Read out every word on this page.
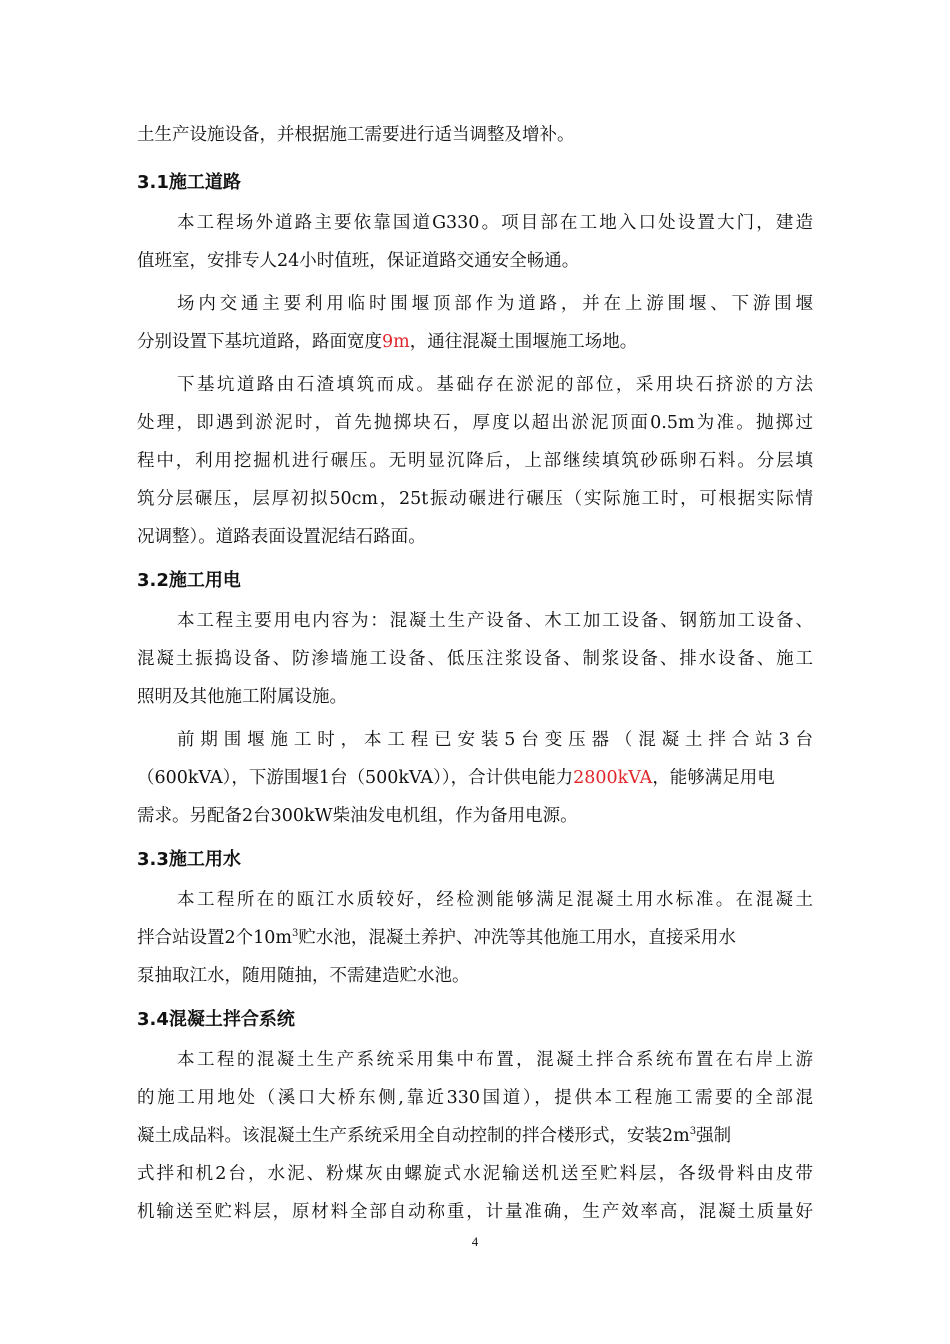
土生产设施设备，并根据施工需要进行适当调整及增补。
3.1施工道路
本工程场外道路主要依靠国道G330。项目部在工地入口处设置大门，建造
值班室，安排专人24小时值班，保证道路交通安全畅通。
场内交通主要利用临时围堰顶部作为道路，并在上游围堰、下游围堰
分别设置下基坑道路，路面宽度9m，通往混凝土围堰施工场地。
下基坑道路由石渣填筑而成。基础存在淤泥的部位，采用块石挤淤的方法
处理，即遇到淤泥时，首先抛掷块石，厚度以超出淤泥顶面0.5m为准。抛掷过
程中，利用挖掘机进行碾压。无明显沉降后，上部继续填筑砂砾卵石料。分层填
筑分层碾压，层厚初拟50cm，25t振动碾进行碾压（实际施工时，可根据实际情
况调整）。道路表面设置泥结石路面。
3.2施工用电
本工程主要用电内容为：混凝土生产设备、木工加工设备、钢筋加工设备、
混凝土振捣设备、防渗墙施工设备、低压注浆设备、制浆设备、排水设备、施工
照明及其他施工附属设施。
前期围堰施工时，本工程已安装5台变压器（混凝土拌合站3台
（600kVA），下游围堰1台（500kVA）），合计供电能力2800kVA，能够满足用电
需求。另配备2台300kW柴油发电机组，作为备用电源。
3.3施工用水
本工程所在的瓯江水质较好，经检测能够满足混凝土用水标准。在混凝土
拌合站设置2个$10m^3$贮水池，混凝土养护、冲洗等其他施工用水，直接采用水
泵抽取江水，随用随抽，不需建造贮水池。
3.4混凝土拌合系统
本工程的混凝土生产系统采用集中布置，混凝土拌合系统布置在右岸上游
的施工用地处（溪口大桥东侧,靠近330国道），提供本工程施工需要的全部混
凝土成品料。该混凝土生产系统采用全自动控制的拌合楼形式，安装$2m^3$强制
式拌和机2台，水泥、粉煤灰由螺旋式水泥输送机送至贮料层，各级骨料由皮带
机输送至贮料层，原材料全部自动称重，计量准确，生产效率高，混凝土质量好
4
